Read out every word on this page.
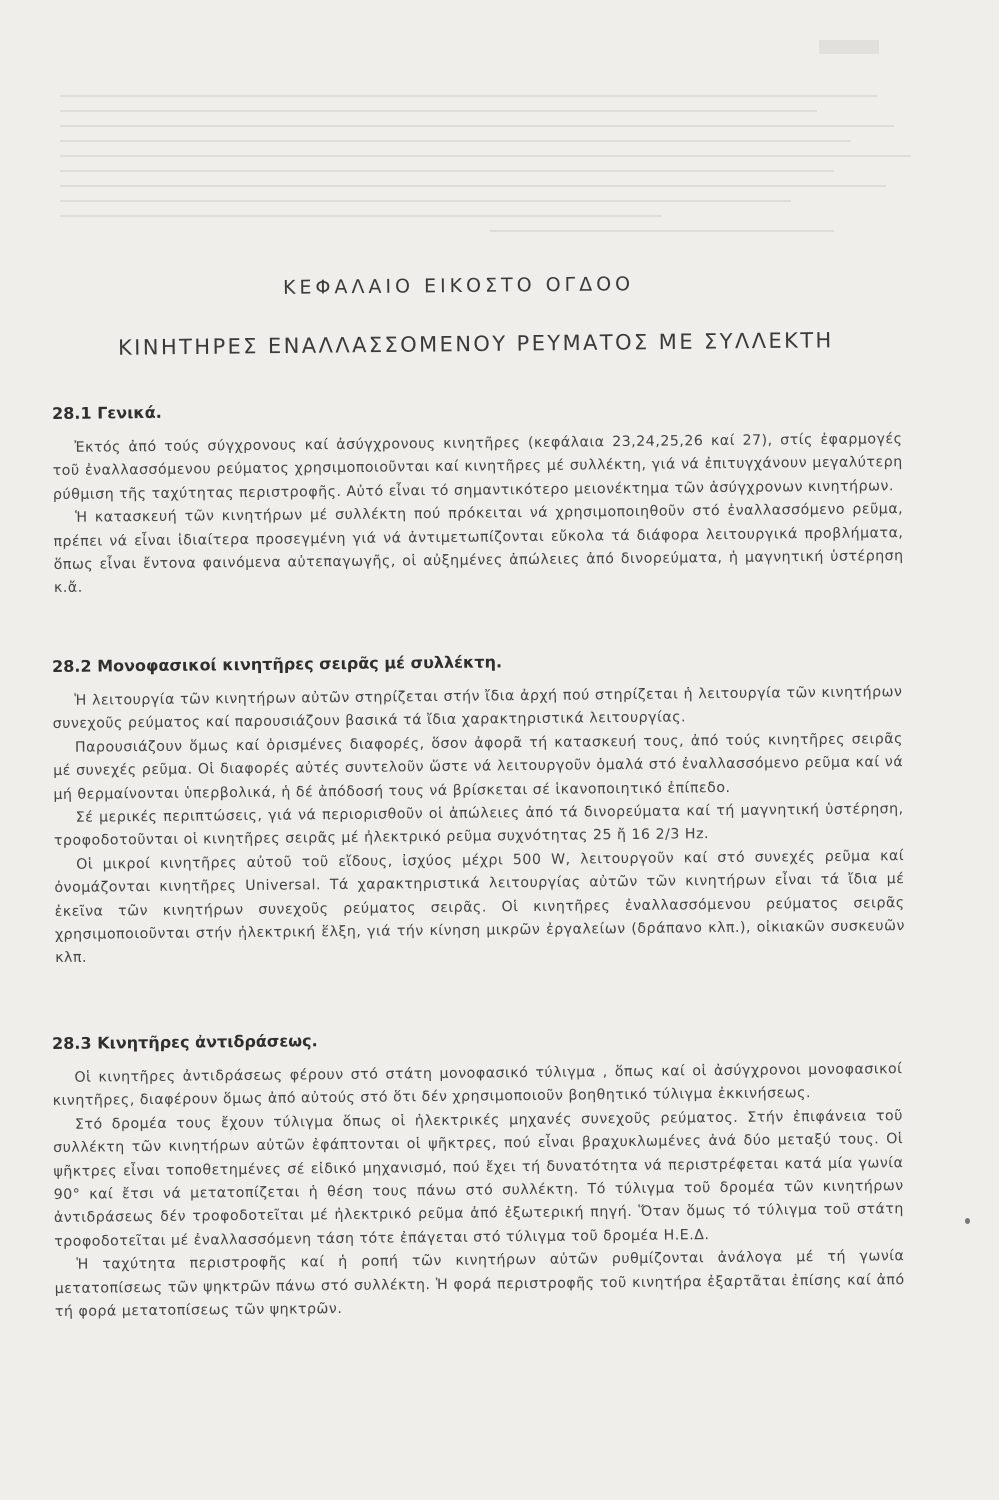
ΚΕΦΑΛΑΙΟ ΕΙΚΟΣΤΟ ΟΓΔΟΟ
ΚΙΝΗΤΗΡΕΣ ΕΝΑΛΛΑΣΣΟΜΕΝΟΥ ΡΕΥΜΑΤΟΣ ΜΕ ΣΥΛΛΕΚΤΗ
28.1 Γενικά.

Ἐκτός ἀπό τούς σύγχρονους καί ἀσύγχρονους κινητῆρες (κεφάλαια 23,24,25,26 καί 27), στίς ἐφαρμογές τοῦ ἐναλλασσόμενου ρεύματος χρησιμοποιοῦνται καί κινητῆρες μέ συλλέκτη, γιά νά ἐπιτυγχάνουν μεγαλύτερη ρύθμιση τῆς ταχύτητας περιστροφῆς. Αὐτό εἶναι τό σημαντικότερο μειονέκτημα τῶν ἀσύγχρονων κινητήρων.

Ἡ κατασκευή τῶν κινητήρων μέ συλλέκτη πού πρόκειται νά χρησιμοποιηθοῦν στό ἐναλλασσόμενο ρεῦμα, πρέπει νά εἶναι ἰδιαίτερα προσεγμένη γιά νά ἀντιμετωπίζονται εὔκολα τά διάφορα λειτουργικά προβλήματα, ὅπως εἶναι ἔντονα φαινόμενα αὐτεπαγωγῆς, οἱ αὐξημένες ἀπώλειες ἀπό δινορεύματα, ἡ μαγνητική ὑστέρηση κ.ἄ.

28.2 Μονοφασικοί κινητῆρες σειρᾶς μέ συλλέκτη.

Ἡ λειτουργία τῶν κινητήρων αὐτῶν στηρίζεται στήν ἴδια ἀρχή πού στηρίζεται ἡ λειτουργία τῶν κινητήρων συνεχοῦς ρεύματος καί παρουσιάζουν βασικά τά ἴδια χαρακτηριστικά λειτουργίας.

Παρουσιάζουν ὅμως καί ὁρισμένες διαφορές, ὅσον ἀφορᾶ τή κατασκευή τους, ἀπό τούς κινητῆρες σειρᾶς μέ συνεχές ρεῦμα. Οἱ διαφορές αὐτές συντελοῦν ὥστε νά λειτουργοῦν ὁμαλά στό ἐναλλασσόμενο ρεῦμα καί νά μή θερμαίνονται ὑπερβολικά, ἡ δέ ἀπόδοσή τους νά βρίσκεται σέ ἱκανοποιητικό ἐπίπεδο.

Σέ μερικές περιπτώσεις, γιά νά περιορισθοῦν οἱ ἀπώλειες ἀπό τά δινορεύματα καί τή μαγνητική ὑστέρηση, τροφοδοτοῦνται οἱ κινητῆρες σειρᾶς μέ ἠλεκτρικό ρεῦμα συχνότητας 25 ἤ 16 2/3 Hz.

Οἱ μικροί κινητῆρες αὐτοῦ τοῦ εἴδους, ἰσχύος μέχρι 500 W, λειτουργοῦν καί στό συνεχές ρεῦμα καί ὀνομάζονται κινητῆρες Universal. Τά χαρακτηριστικά λειτουργίας αὐτῶν τῶν κινητήρων εἶναι τά ἴδια μέ ἐκεῖνα τῶν κινητήρων συνεχοῦς ρεύματος σειρᾶς. Οἱ κινητῆρες ἐναλλασσόμενου ρεύματος σειρᾶς χρησιμοποιοῦνται στήν ἠλεκτρική ἕλξη, γιά τήν κίνηση μικρῶν ἐργαλείων (δράπανο κλπ.), οἰκιακῶν συσκευῶν κλπ.

28.3 Κινητῆρες ἀντιδράσεως.

Οἱ κινητῆρες ἀντιδράσεως φέρουν στό στάτη μονοφασικό τύλιγμα , ὅπως καί οἱ ἀσύγχρονοι μονοφασικοί κινητῆρες, διαφέρουν ὅμως ἀπό αὐτούς στό ὅτι δέν χρησιμοποιοῦν βοηθητικό τύλιγμα ἐκκινήσεως.

Στό δρομέα τους ἔχουν τύλιγμα ὅπως οἱ ἠλεκτρικές μηχανές συνεχοῦς ρεύματος. Στήν ἐπιφάνεια τοῦ συλλέκτη τῶν κινητήρων αὐτῶν ἐφάπτονται οἱ ψῆκτρες, πού εἶναι βραχυκλωμένες ἀνά δύο μεταξύ τους. Οἱ ψῆκτρες εἶναι τοποθετημένες σέ εἰδικό μηχανισμό, πού ἔχει τή δυνατότητα νά περιστρέφεται κατά μία γωνία 90° καί ἔτσι νά μετατοπίζεται ἡ θέση τους πάνω στό συλλέκτη. Τό τύλιγμα τοῦ δρομέα τῶν κινητήρων ἀντιδράσεως δέν τροφοδοτεῖται μέ ἠλεκτρικό ρεῦμα ἀπό ἐξωτερική πηγή. Ὅταν ὅμως τό τύλιγμα τοῦ στάτη τροφοδοτεῖται μέ ἐναλλασσόμενη τάση τότε ἐπάγεται στό τύλιγμα τοῦ δρομέα Η.Ε.Δ.

Ἡ ταχύτητα περιστροφῆς καί ἡ ροπή τῶν κινητήρων αὐτῶν ρυθμίζονται ἀνάλογα μέ τή γωνία μετατοπίσεως τῶν ψηκτρῶν πάνω στό συλλέκτη. Ἡ φορά περιστροφῆς τοῦ κινητήρα ἐξαρτᾶται ἐπίσης καί ἀπό τή φορά μετατοπίσεως τῶν ψηκτρῶν.
